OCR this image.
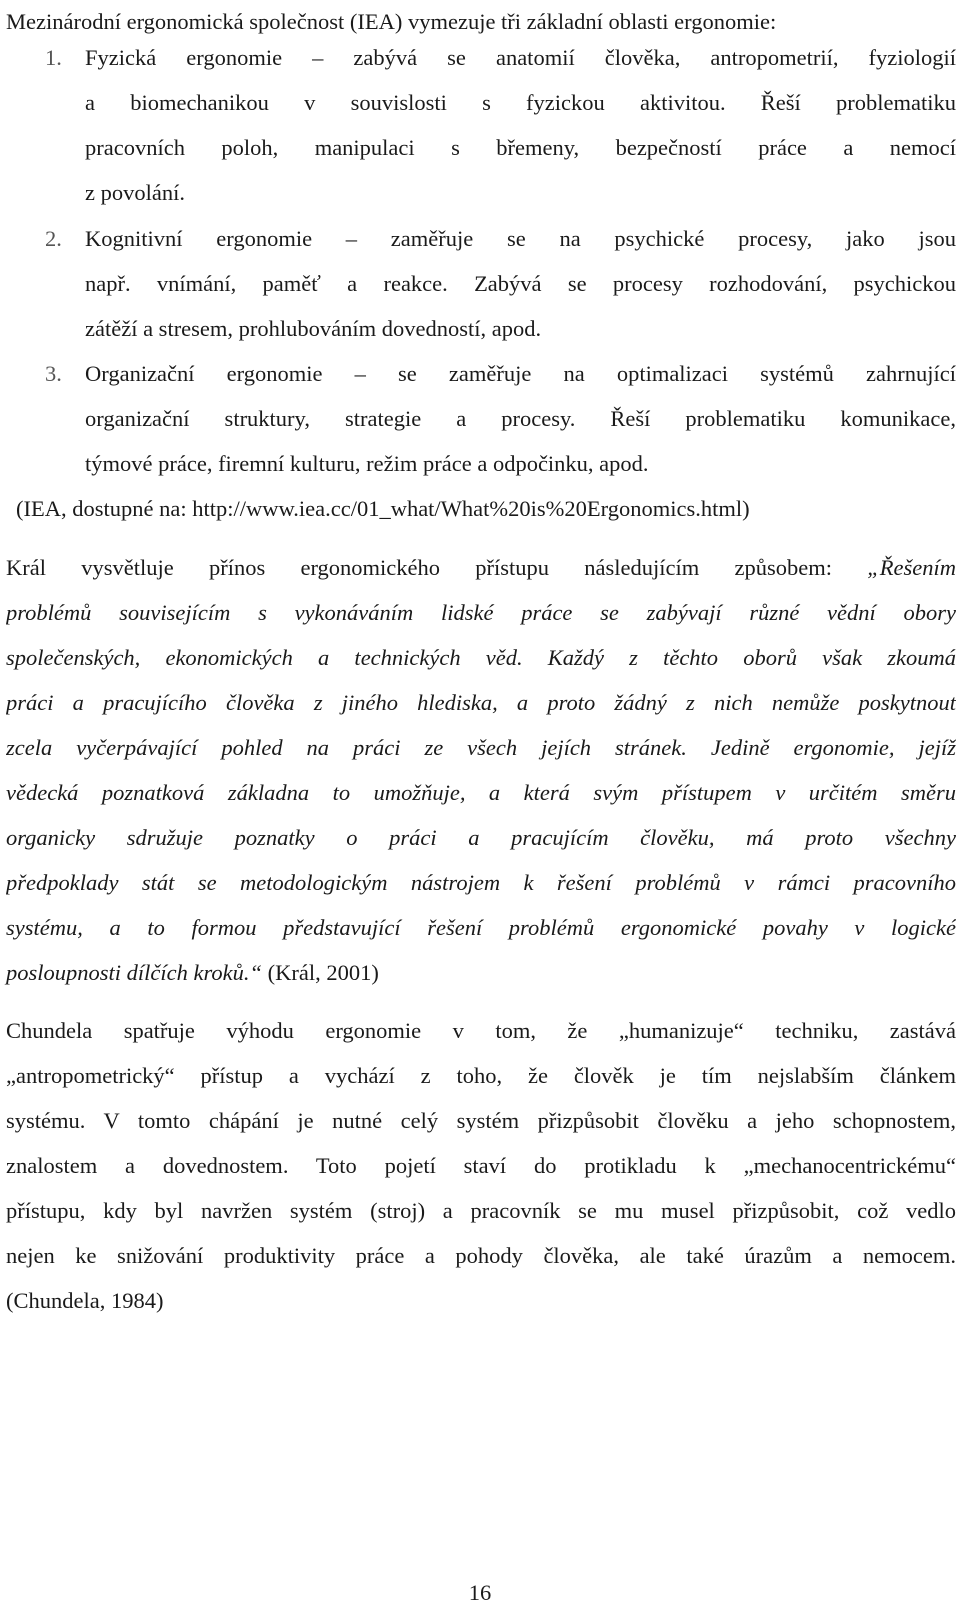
Mezinárodní ergonomická společnost (IEA) vymezuje tři základní oblasti ergonomie:
1. Fyzická ergonomie – zabývá se anatomií člověka, antropometrií, fyziologií
a biomechanikou v souvislosti s fyzickou aktivitou. Řeší problematiku
pracovních poloh, manipulaci s břemeny, bezpečností práce a nemocí
z povolání.
2. Kognitivní ergonomie – zaměřuje se na psychické procesy, jako jsou
např. vnímání, paměť a reakce. Zabývá se procesy rozhodování, psychickou
zátěží a stresem, prohlubováním dovedností, apod.
3. Organizační ergonomie – se zaměřuje na optimalizaci systémů zahrnující
organizační struktury, strategie a procesy. Řeší problematiku komunikace,
týmové práce, firemní kulturu, režim práce a odpočinku, apod.
(IEA, dostupné na: http://www.iea.cc/01_what/What%20is%20Ergonomics.html)
Král vysvětluje přínos ergonomického přístupu následujícím způsobem: „Řešením
problémů souvisejícím s vykonáváním lidské práce se zabývají různé vědní obory
společenských, ekonomických a technických věd. Každý z těchto oborů však zkoumá
práci a pracujícího člověka z jiného hlediska, a proto žádný z nich nemůže poskytnout
zcela vyčerpávající pohled na práci ze všech jejích stránek. Jedině ergonomie, jejíž
vědecká poznatková základna to umožňuje, a která svým přístupem v určitém směru
organicky sdružuje poznatky o práci a pracujícím člověku, má proto všechny
předpoklady stát se metodologickým nástrojem k řešení problémů v rámci pracovního
systému, a to formou představující řešení problémů ergonomické povahy v logické
posloupnosti dílčích kroků.“ (Král, 2001)
Chundela spatřuje výhodu ergonomie v tom, že „humanizuje“ techniku, zastává
„antropometrický“ přístup a vychází z toho, že člověk je tím nejslabším článkem
systému. V tomto chápání je nutné celý systém přizpůsobit člověku a jeho schopnostem,
znalostem a dovednostem. Toto pojetí staví do protikladu k „mechanocentrickému“
přístupu, kdy byl navržen systém (stroj) a pracovník se mu musel přizpůsobit, což vedlo
nejen ke snižování produktivity práce a pohody člověka, ale také úrazům a nemocem.
(Chundela, 1984)
16
